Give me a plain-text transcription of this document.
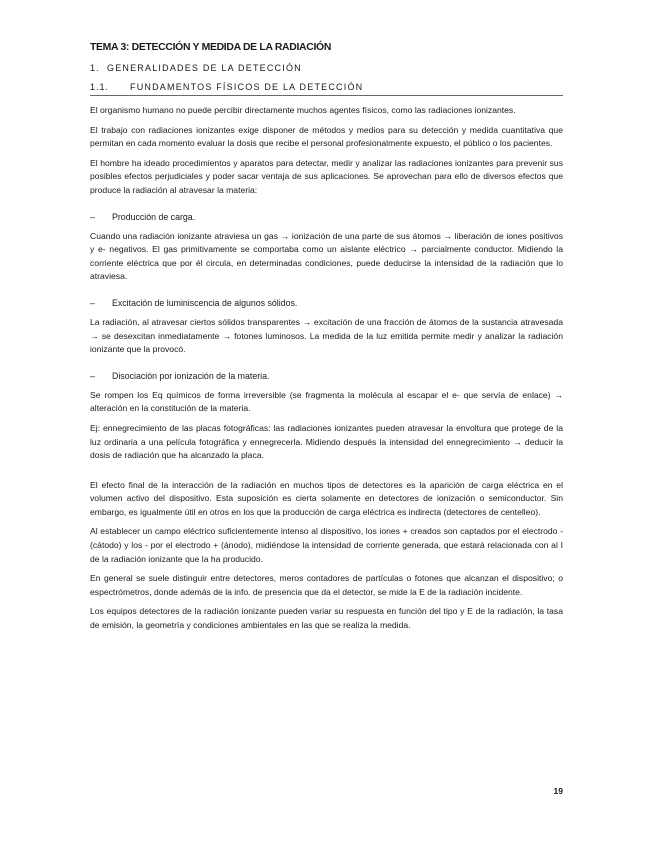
TEMA 3: DETECCIÓN Y MEDIDA DE LA RADIACIÓN
1. GENERALIDADES DE LA DETECCIÓN
1.1. FUNDAMENTOS FÍSICOS DE LA DETECCIÓN

El organismo humano no puede percibir directamente muchos agentes físicos, como las radiaciones ionizantes.

El trabajo con radiaciones ionizantes exige disponer de métodos y medios para su detección y medida cuantitativa que permitan en cada momento evaluar la dosis que recibe el personal profesionalmente expuesto, el público o los pacientes.

El hombre ha ideado procedimientos y aparatos para detectar, medir y analizar las radiaciones ionizantes para prevenir sus posibles efectos perjudiciales y poder sacar ventaja de sus aplicaciones. Se aprovechan para ello de diversos efectos que produce la radiación al atravesar la materia:

– Producción de carga.

Cuando una radiación ionizante atraviesa un gas → ionización de una parte de sus átomos → liberación de iones positivos y e- negativos. El gas primitivamente se comportaba como un aislante eléctrico → parcialmente conductor. Midiendo la corriente eléctrica que por él circula, en determinadas condiciones, puede deducirse la intensidad de la radiación que lo atraviesa.

– Excitación de luminiscencia de algunos sólidos.

La radiación, al atravesar ciertos sólidos transparentes → excitación de una fracción de átomos de la sustancia atravesada → se desexcitan inmediatamente → fotones luminosos. La medida de la luz emitida permite medir y analizar la radiación ionizante que la provocó.

– Disociación por ionización de la materia.

Se rompen los Eq químicos de forma irreversible (se fragmenta la molécula al escapar el e- que servía de enlace) → alteración en la constitución de la materia.

Ej: ennegrecimiento de las placas fotográficas: las radiaciones ionizantes pueden atravesar la envoltura que protege de la luz ordinaria a una película fotográfica y ennegrecerla. Midiendo después la intensidad del ennegrecimiento → deducir la dosis de radiación que ha alcanzado la placa.

El efecto final de la interacción de la radiación en muchos tipos de detectores es la aparición de carga eléctrica en el volumen activo del dispositivo. Esta suposición es cierta solamente en detectores de ionización o semiconductor. Sin embargo, es igualmente útil en otros en los que la producción de carga eléctrica es indirecta (detectores de centelleo).

Al establecer un campo eléctrico suficientemente intenso al dispositivo, los iones + creados son captados por el electrodo - (cátodo) y los - por el electrodo + (ánodo), midiéndose la intensidad de corriente generada, que estará relacionada con al I de la radiación ionizante que la ha producido.

En general se suele distinguir entre detectores, meros contadores de partículas o fotones que alcanzan el dispositivo; o espectrómetros, donde además de la info. de presencia que da el detector, se mide la E de la radiación incidente.

Los equipos detectores de la radiación ionizante pueden variar su respuesta en función del tipo y E de la radiación, la tasa de emisión, la geometría y condiciones ambientales en las que se realiza la medida.

19
